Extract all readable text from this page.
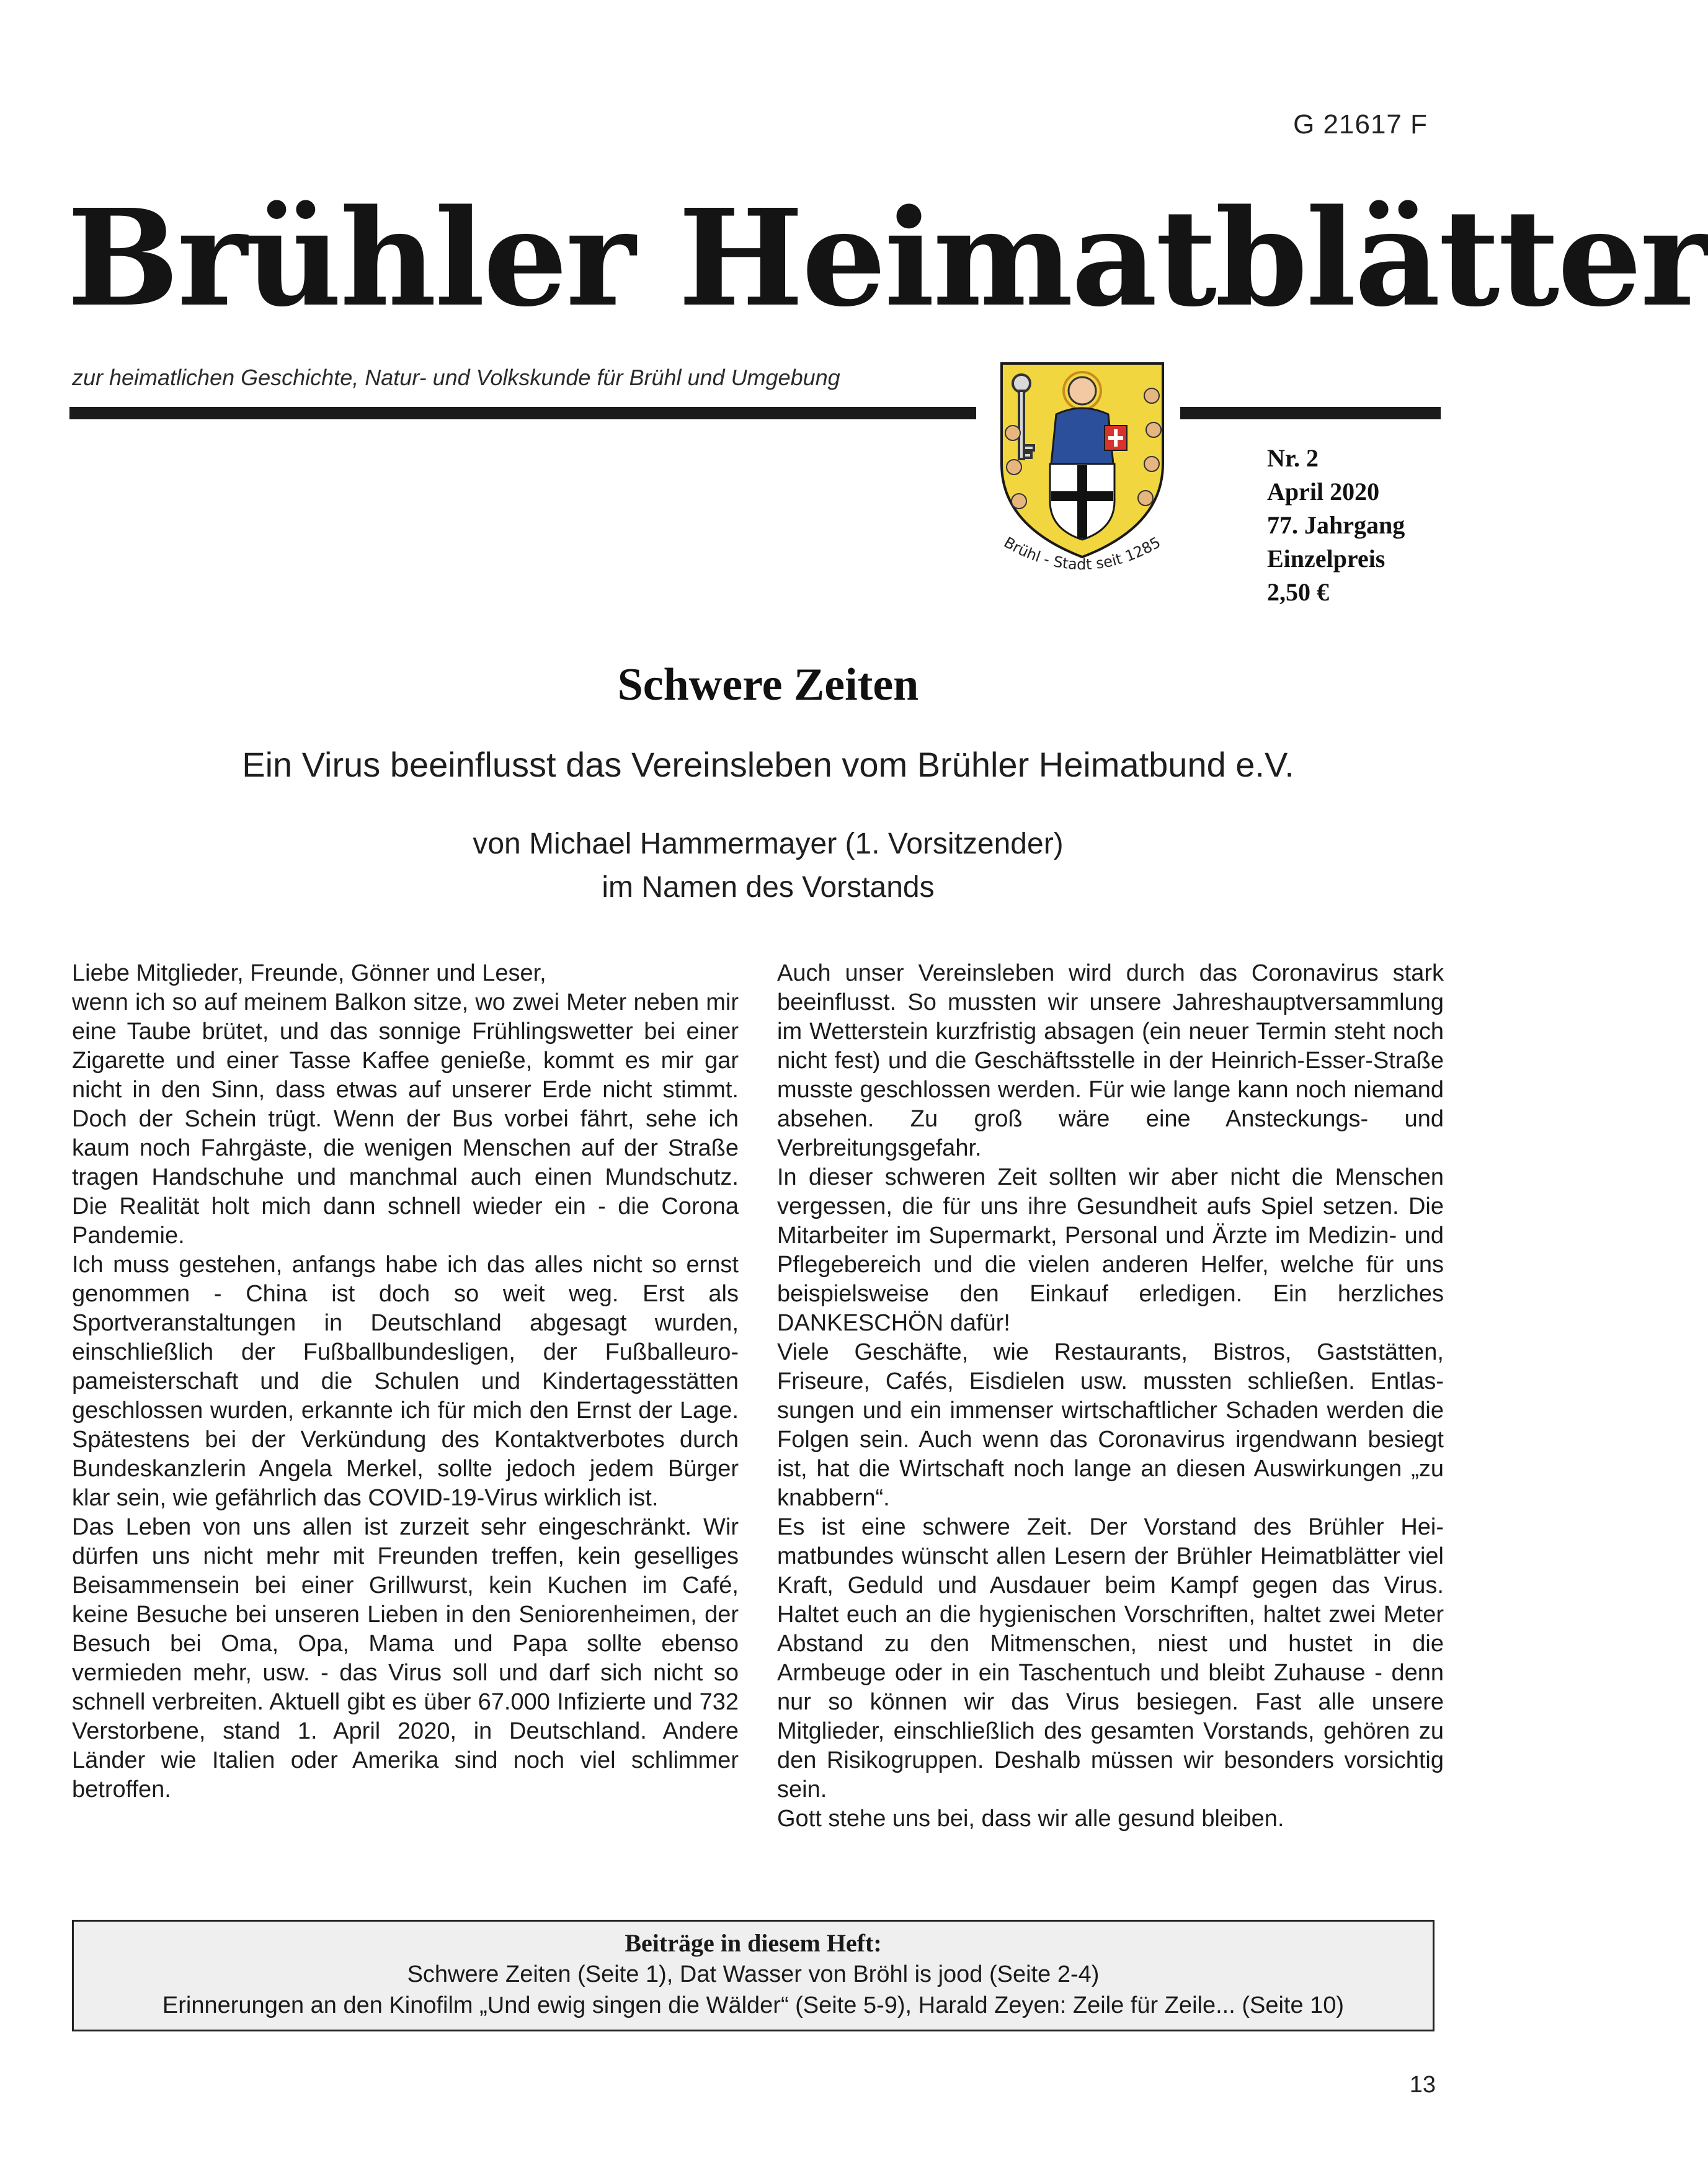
G 21617 F
Brühler Heimatblätter
zur heimatlichen Geschichte, Natur- und Volkskunde für Brühl und Umgebung
Brühl - Stadt seit 1285
Nr. 2
April 2020
77. Jahrgang
Einzelpreis
2,50 €
Schwere Zeiten
Ein Virus beeinflusst das Vereinsleben vom Brühler Heimatbund e.V.
von Michael Hammermayer (1. Vorsitzender)
im Namen des Vorstands

Liebe Mitglieder, Freunde, Gönner und Leser,

wenn ich so auf meinem Balkon sitze, wo zwei Meter neben mir eine Taube brütet, und das sonnige Frühlingswetter bei einer Zigarette und einer Tasse Kaffee genieße, kommt es mir gar nicht in den Sinn, dass etwas auf unserer Erde nicht stimmt. Doch der Schein trügt. Wenn der Bus vorbei fährt, sehe ich kaum noch Fahrgäste, die wenigen Menschen auf der Straße tragen Handschuhe und manchmal auch einen Mundschutz. Die Realität holt mich dann schnell wieder ein - die Corona Pandemie.

Ich muss gestehen, anfangs habe ich das alles nicht so ernst genommen - China ist doch so weit weg. Erst als Sportveranstaltungen in Deutschland abgesagt wurden, einschließlich der Fußballbundesligen, der Fußballeuropameisterschaft und die Schulen und Kindertagesstätten geschlossen wurden, erkannte ich für mich den Ernst der Lage. Spätestens bei der Verkündung des Kontaktverbotes durch Bundeskanzlerin Angela Merkel, sollte jedoch jedem Bürger klar sein, wie gefährlich das COVID-19-Virus wirklich ist.

Das Leben von uns allen ist zurzeit sehr eingeschränkt. Wir dürfen uns nicht mehr mit Freunden treffen, kein geselliges Beisammensein bei einer Grillwurst, kein Kuchen im Café, keine Besuche bei unseren Lieben in den Seniorenheimen, der Besuch bei Oma, Opa, Mama und Papa sollte ebenso vermieden mehr, usw. - das Virus soll und darf sich nicht so schnell verbreiten. Aktuell gibt es über 67.000 Infizierte und 732 Verstorbene, stand 1. April 2020, in Deutschland. Andere Länder wie Italien oder Amerika sind noch viel schlimmer betroffen.

Auch unser Vereinsleben wird durch das Coronavirus stark beeinflusst. So mussten wir unsere Jahreshauptversammlung im Wetterstein kurzfristig absagen (ein neuer Termin steht noch nicht fest) und die Geschäftsstelle in der Heinrich-Esser-Straße musste geschlossen werden. Für wie lange kann noch niemand absehen. Zu groß wäre eine Ansteckungs- und Verbreitungsgefahr.

In dieser schweren Zeit sollten wir aber nicht die Menschen vergessen, die für uns ihre Gesundheit aufs Spiel setzen. Die Mitarbeiter im Supermarkt, Personal und Ärzte im Medizin- und Pflegebereich und die vielen anderen Helfer, welche für uns beispielsweise den Einkauf erledigen. Ein herzliches DANKESCHÖN dafür!

Viele Geschäfte, wie Restaurants, Bistros, Gaststätten, Friseure, Cafés, Eisdielen usw. mussten schließen. Entlassungen und ein immenser wirtschaftlicher Schaden werden die Folgen sein. Auch wenn das Coronavirus irgendwann besiegt ist, hat die Wirtschaft noch lange an diesen Auswirkungen „zu knabbern“.

Es ist eine schwere Zeit. Der Vorstand des Brühler Heimatbundes wünscht allen Lesern der Brühler Heimatblätter viel Kraft, Geduld und Ausdauer beim Kampf gegen das Virus. Haltet euch an die hygienischen Vorschriften, haltet zwei Meter Abstand zu den Mitmenschen, niest und hustet in die Armbeuge oder in ein Taschentuch und bleibt Zuhause - denn nur so können wir das Virus besiegen. Fast alle unsere Mitglieder, einschließlich des gesamten Vorstands, gehören zu den Risikogruppen. Deshalb müssen wir besonders vorsichtig sein.

Gott stehe uns bei, dass wir alle gesund bleiben.

Beiträge in diesem Heft:
Schwere Zeiten (Seite 1), Dat Wasser von Bröhl is jood (Seite 2-4)
Erinnerungen an den Kinofilm „Und ewig singen die Wälder“ (Seite 5-9), Harald Zeyen: Zeile für Zeile... (Seite 10)
13
